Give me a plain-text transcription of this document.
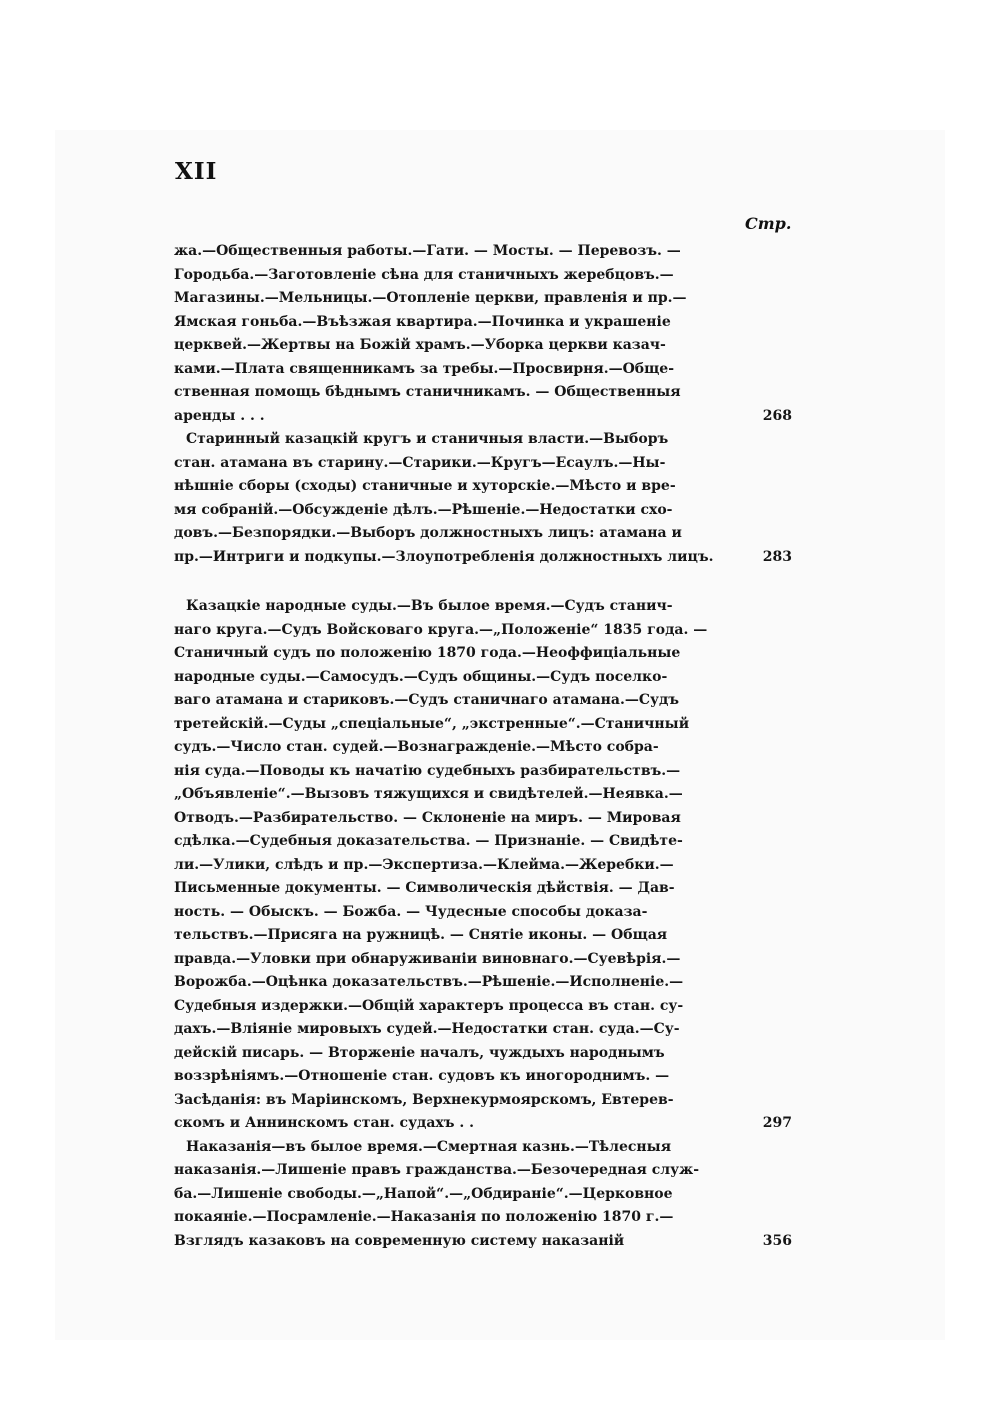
XII
Стр.
жа.—Общественныя работы.—Гати. — Мосты. — Перевозъ. —
Городьба.—Заготовленіе сѣна для станичныхъ жеребцовъ.—
Магазины.—Мельницы.—Отопленіе церкви, правленія и пр.—
Ямская гоньба.—Въѣзжая квартира.—Починка и украшеніе
церквей.—Жертвы на Божій храмъ.—Уборка церкви казач-
ками.—Плата священникамъ за требы.—Просвирня.—Обще-
ственная помощь бѣднымъ станичникамъ. — Общественныя
аренды . . .	268
Старинный казацкій кругъ и станичныя власти.—Выборъ
стан. атамана въ старину.—Старики.—Кругъ—Есаулъ.—Ны-
нѣшніе сборы (сходы) станичные и хуторскіе.—Мѣсто и вре-
мя собраній.—Обсужденіе дѣлъ.—Рѣшеніе.—Недостатки схо-
довъ.—Безпорядки.—Выборъ должностныхъ лицъ: атамана и
пр.—Интриги и подкупы.—Злоупотребленія должностныхъ лицъ.	283
Казацкіе народные суды.—Въ былое время.—Судъ станич-
наго круга.—Судъ Войсковаго круга.—„Положеніе“ 1835 года. —
Станичный судъ по положенію 1870 года.—Неоффиціальные
народные суды.—Самосудъ.—Судъ общины.—Судъ поселко-
ваго атамана и стариковъ.—Судъ станичнаго атамана.—Судъ
третейскій.—Суды „спеціальные“, „экстренные“.—Станичный
судъ.—Число стан. судей.—Вознагражденіе.—Мѣсто собра-
нія суда.—Поводы къ начатію судебныхъ разбирательствъ.—
„Объявленіе“.—Вызовъ тяжущихся и свидѣтелей.—Неявка.—
Отводъ.—Разбирательство. — Склоненіе на миръ. — Мировая
сдѣлка.—Судебныя доказательства. — Признаніе. — Свидѣте-
ли.—Улики, слѣдъ и пр.—Экспертиза.—Клейма.—Жеребки.—
Письменные документы. — Символическія дѣйствія. — Дав-
ность. — Обыскъ. — Божба. — Чудесные способы доказа-
тельствъ.—Присяга на ружницѣ. — Снятіе иконы. — Общая
правда.—Уловки при обнаруживаніи виновнаго.—Суевѣрія.—
Ворожба.—Оцѣнка доказательствъ.—Рѣшеніе.—Исполненіе.—
Судебныя издержки.—Общій характеръ процесса въ стан. су-
дахъ.—Вліяніе мировыхъ судей.—Недостатки стан. суда.—Су-
дейскій писарь. — Вторженіе началъ, чуждыхъ народнымъ
воззрѣніямъ.—Отношеніе стан. судовъ къ иногороднимъ. —
Засѣданія: въ Маріинскомъ, Верхнекурмоярскомъ, Евтерев-
скомъ и Аннинскомъ стан. судахъ . .	297
Наказанія—въ былое время.—Смертная казнь.—Тѣлесныя
наказанія.—Лишеніе правъ гражданства.—Безочередная служ-
ба.—Лишеніе свободы.—„Напой“.—„Обдираніе“.—Церковное
покаяніе.—Посрамленіе.—Наказанія по положенію 1870 г.—
Взглядъ казаковъ на современную систему наказаній	356
